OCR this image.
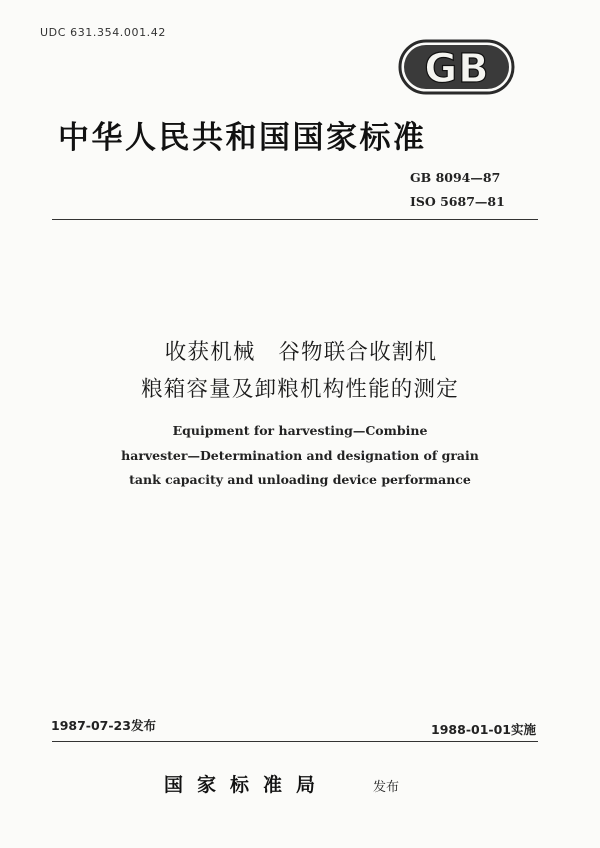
UDC 631.354.001.42
GB
中华人民共和国国家标准
GB 8094—87
ISO 5687—81
收获机械　谷物联合收割机
粮箱容量及卸粮机构性能的测定
Equipment for harvesting—Combine
harvester—Determination and designation of grain
tank capacity and unloading device performance
1987-07-23发布	1988-01-01实施
国家标准局	发布
